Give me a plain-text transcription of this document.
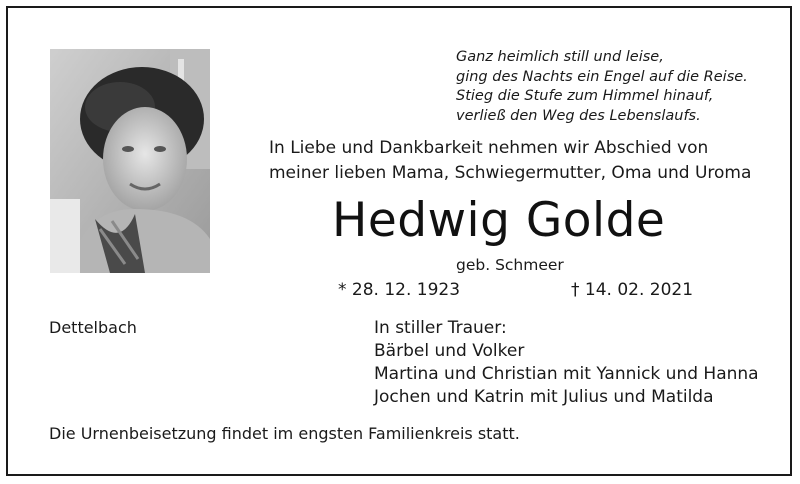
Ganz heimlich still und leise,
ging des Nachts ein Engel auf die Reise.
Stieg die Stufe zum Himmel hinauf,
verließ den Weg des Lebenslaufs.
In Liebe und Dankbarkeit nehmen wir Abschied von
meiner lieben Mama, Schwiegermutter, Oma und Uroma
Hedwig Golde
geb. Schmeer
* 28. 12. 1923	† 14. 02. 2021
Dettelbach	In stiller Trauer:
Bärbel und Volker
Martina und Christian mit Yannick und Hanna
Jochen und Katrin mit Julius und Matilda
Die Urnenbeisetzung findet im engsten Familienkreis statt.
